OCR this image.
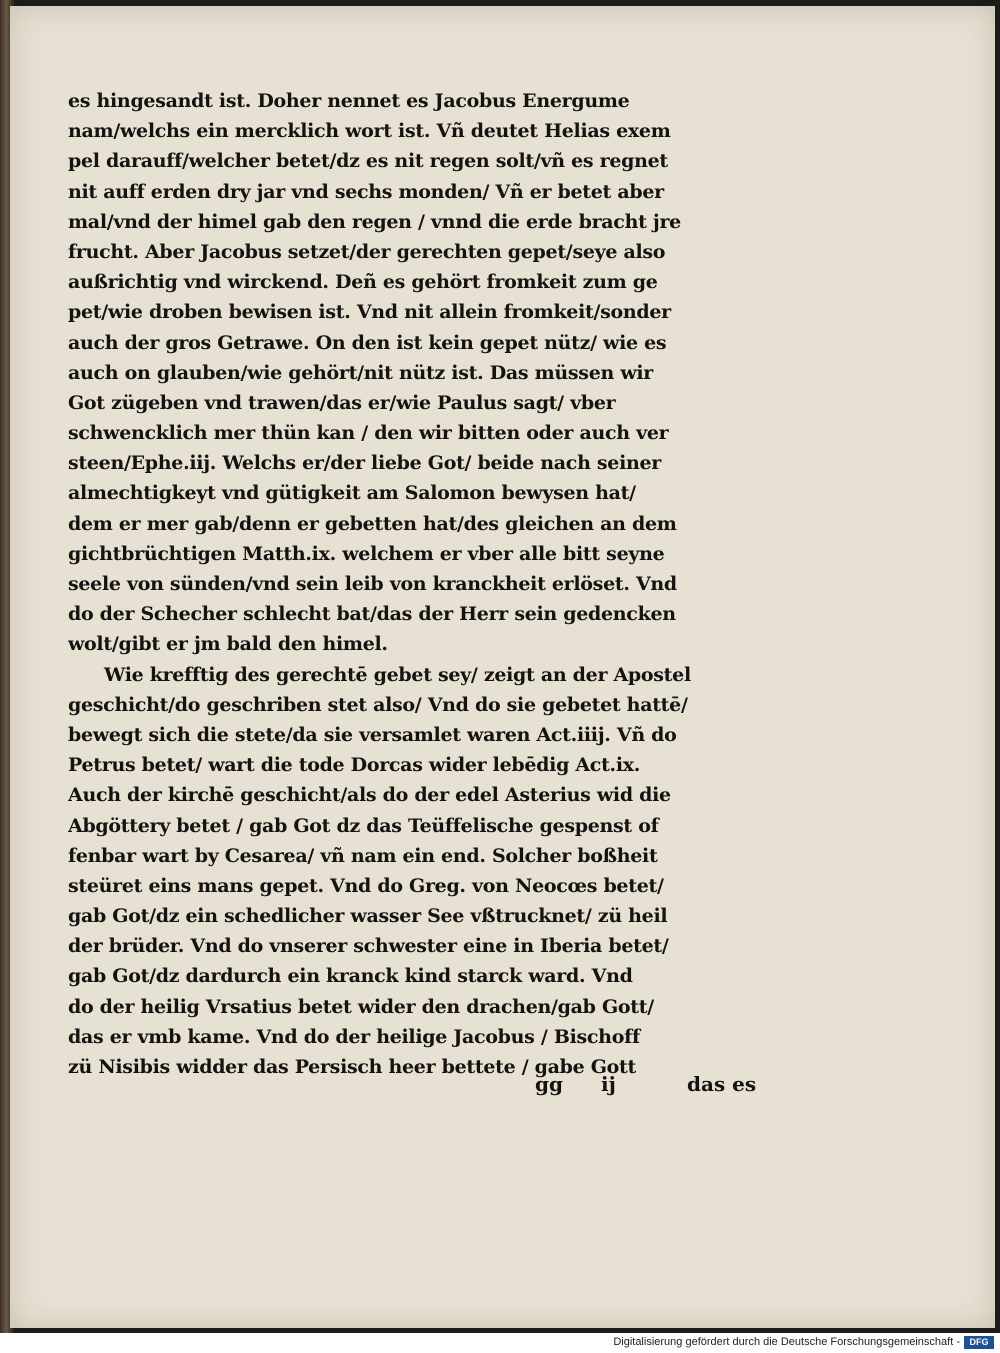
es hingesandt ist. Doher nennet es Jacobus Energume
nam/welchs ein mercklich wort ist. Vñ deutet Helias exem
pel darauff/welcher betet/dz es nit regen solt/vñ es regnet
nit auff erden dry jar vnd sechs monden/ Vñ er betet aber
mal/vnd der himel gab den regen / vnnd die erde bracht jre
frucht. Aber Jacobus setzet/der gerechten gepet/seye also
außrichtig vnd wirckend. Deñ es gehört fromkeit zum ge
pet/wie droben bewisen ist. Vnd nit allein fromkeit/sonder
auch der gros Getrawe. On den ist kein gepet nütz/ wie es
auch on glauben/wie gehört/nit nütz ist. Das müssen wir
Got zügeben vnd trawen/das er/wie Paulus sagt/ vber
schwencklich mer thün kan / den wir bitten oder auch ver
steen/Ephe.iij. Welchs er/der liebe Got/ beide nach seiner
almechtigkeyt vnd gütigkeit am Salomon bewysen hat/
dem er mer gab/denn er gebetten hat/des gleichen an dem
gichtbrüchtigen Matth.ix. welchem er vber alle bitt seyne
seele von sünden/vnd sein leib von kranckheit erlöset. Vnd
do der Schecher schlecht bat/das der Herr sein gedencken
wolt/gibt er jm bald den himel.
Wie krefftig des gerechtē gebet sey/ zeigt an der Apostel
geschicht/do geschriben stet also/ Vnd do sie gebetet hattē/
bewegt sich die stete/da sie versamlet waren Act.iiij. Vñ do
Petrus betet/ wart die tode Dorcas wider lebēdig Act.ix.
Auch der kirchē geschicht/als do der edel Asterius wid die
Abgöttery betet / gab Got dz das Teüffelische gespenst of
fenbar wart by Cesarea/ vñ nam ein end. Solcher boßheit
steüret eins mans gepet. Vnd do Greg. von Neocœs betet/
gab Got/dz ein schedlicher wasser See vßtrucknet/ zü heil
der brüder. Vnd do vnserer schwester eine in Iberia betet/
gab Got/dz dardurch ein kranck kind starck ward. Vnd
do der heilig Vrsatius betet wider den drachen/gab Gott/
das er vmb kame. Vnd do der heilige Jacobus / Bischoff
zü Nisibis widder das Persisch heer bettete / gabe Gott
gg ij	das es
Digitalisierung gefördert durch die Deutsche Forschungsgemeinschaft -	DFG
